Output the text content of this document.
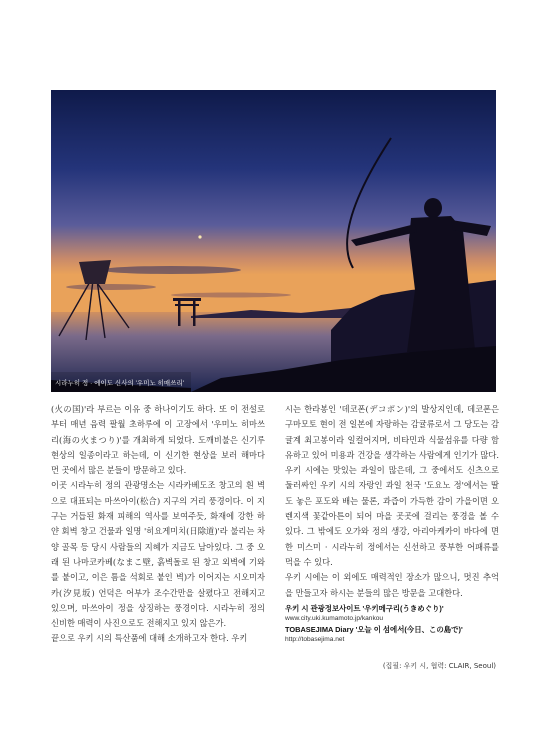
시라누히 정 · 에이도 신사의 '우미노 히매쓰리'

(火の国)'라 부르는 이유 중 하나이기도 하다. 또 이 전설로부터 매년 음력 팔월 초하루에 이 고장에서 '우미노 히마쓰리(海の火まつり)'를 개최하게 되었다. 도깨비불은 신기루 현상의 일종이라고 하는데, 이 신기한 현상을 보러 해마다 먼 곳에서 많은 분들이 방문하고 있다.

이곳 시라누히 정의 관광명소는 시라카베도조 창고의 흰 벽으로 대표되는 마쓰아이(松合) 지구의 거리 풍경이다. 이 지구는 거듭된 화재 피해의 역사를 보여주듯, 화재에 강한 하얀 회벽 창고 건물과 일명 '히요게미치(日除道)'라 불리는 차양 골목 등 당시 사람들의 지혜가 지금도 남아있다. 그 중 오래 된 나마코카베(なまこ壁, 흙벽돌로 된 창고 외벽에 기와를 붙이고, 이은 틈을 석회로 붙인 벽)가 이어지는 시오미자카(汐見坂) 언덕은 어부가 조수간만을 살폈다고 전해지고 있으며, 마쓰아이 정을 상징하는 풍경이다. 시라누히 정의 신비한 매력이 사진으로도 전해지고 있지 않은가.

끝으로 우키 시의 특산품에 대해 소개하고자 한다. 우키

시는 한라봉인 '데코폰(デコポン)'의 발상지인데, 데코폰은 구마모토 현이 전 일본에 자랑하는 감귤류로서 그 당도는 감귤계 최고봉이라 일컬어지며, 비타민과 식물섬유를 다량 함유하고 있어 미용과 건강을 생각하는 사람에게 인기가 많다. 우키 시에는 맛있는 과일이 많은데, 그 중에서도 신츠으로 둘러싸인 우키 시의 자랑인 과일 천국 '도요노 정'에서는 딸도 놓은 포도와 배는 물론, 과즙이 가득한 감이 가을이면 오렌지색 꽃같아튼이 되어 마을 곳곳에 걸리는 풍경을 볼 수 있다. 그 밖에도 오가와 정의 생강, 아리아케카이 바다에 면한 미스미 · 시라누히 정에서는 신선하고 풍부한 어패류를 먹을 수 있다.

우키 시에는 이 외에도 매력적인 장소가 많으니, 멋진 추억을 만들고자 하시는 분들의 많은 방문을 고대한다.

우키 시 관광정보사이트 '우키메구리(うきめぐり)'
www.city.uki.kumamoto.jp/kankou
TOBASEJIMA Diary '오늘 이 섬에서(今日、この島で)'
http://tobasejima.net
(집필: 우키 시, 협력: CLAIR, Seoul)
